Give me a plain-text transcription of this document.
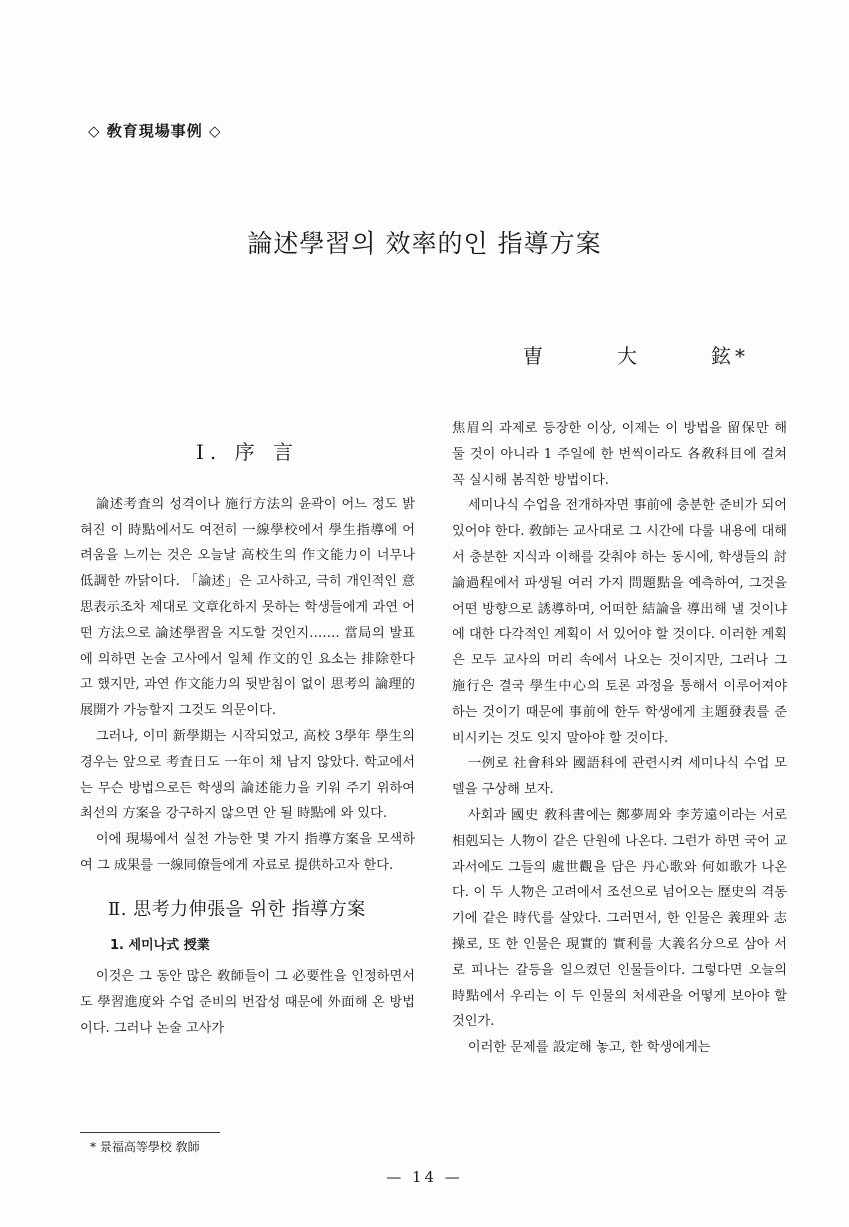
◇ 敎育現場事例 ◇
論述學習의 效率的인 指導方案
曺	大	鉉*
Ⅰ. 序 言

論述考査의 성격이나 施行方法의 윤곽이 어느 정도 밝혀진 이 時點에서도 여전히 一線學校에서 學生指導에 어려움을 느끼는 것은 오늘날 高校生의 作文能力이 너무나 低調한 까닭이다. 「論述」은 고사하고, 극히 개인적인 意思表示조차 제대로 文章化하지 못하는 학생들에게 과연 어떤 方法으로 論述學習을 지도할 것인지……. 當局의 발표에 의하면 논술 고사에서 일체 作文的인 요소는 排除한다고 했지만, 과연 作文能力의 뒷받침이 없이 思考의 論理的 展開가 가능할지 그것도 의문이다.

그러나, 이미 新學期는 시작되었고, 高校 3學年 學生의 경우는 앞으로 考査日도 一年이 채 남지 않았다. 학교에서는 무슨 방법으로든 학생의 論述能力을 키워 주기 위하여 최선의 方案을 강구하지 않으면 안 될 時點에 와 있다.

이에 現場에서 실천 가능한 몇 가지 指導方案을 모색하여 그 成果를 一線同僚들에게 자료로 提供하고자 한다.

Ⅱ. 思考力伸張을 위한 指導方案
1. 세미나式 授業

이것은 그 동안 많은 敎師들이 그 必要性을 인정하면서도 學習進度와 수업 준비의 번잡성 때문에 外面해 온 방법이다. 그러나 논술 고사가

焦眉의 과제로 등장한 이상, 이제는 이 방법을 留保만 해 둘 것이 아니라 1 주일에 한 번씩이라도 各敎科目에 걸쳐 꼭 실시해 봄직한 방법이다.

세미나식 수업을 전개하자면 事前에 충분한 준비가 되어 있어야 한다. 敎師는 교사대로 그 시간에 다룰 내용에 대해서 충분한 지식과 이해를 갖춰야 하는 동시에, 학생들의 討論過程에서 파생될 여러 가지 問題點을 예측하여, 그것을 어떤 방향으로 誘導하며, 어떠한 結論을 導出해 낼 것이냐에 대한 다각적인 계획이 서 있어야 할 것이다. 이러한 계획은 모두 교사의 머리 속에서 나오는 것이지만, 그러나 그 施行은 결국 學生中心의 토론 과정을 통해서 이루어져야 하는 것이기 때문에 事前에 한두 학생에게 主題發表를 준비시키는 것도 잊지 말아야 할 것이다.

一例로 社會科와 國語科에 관련시켜 세미나식 수업 모델을 구상해 보자.

사회과 國史 敎科書에는 鄭夢周와 李芳遠이라는 서로 相剋되는 人物이 같은 단원에 나온다. 그런가 하면 국어 교과서에도 그들의 處世觀을 담은 丹心歌와 何如歌가 나온다. 이 두 人物은 고려에서 조선으로 넘어오는 歷史의 격동기에 같은 時代를 살았다. 그러면서, 한 인물은 義理와 志操로, 또 한 인물은 現實的 實利를 大義名分으로 삼아 서로 피나는 갈등을 일으켰던 인물들이다. 그렇다면 오늘의 時點에서 우리는 이 두 인물의 처세관을 어떻게 보아야 할 것인가.

이러한 문제를 設定해 놓고, 한 학생에게는

* 景福高等學校 敎師
— 14 —
